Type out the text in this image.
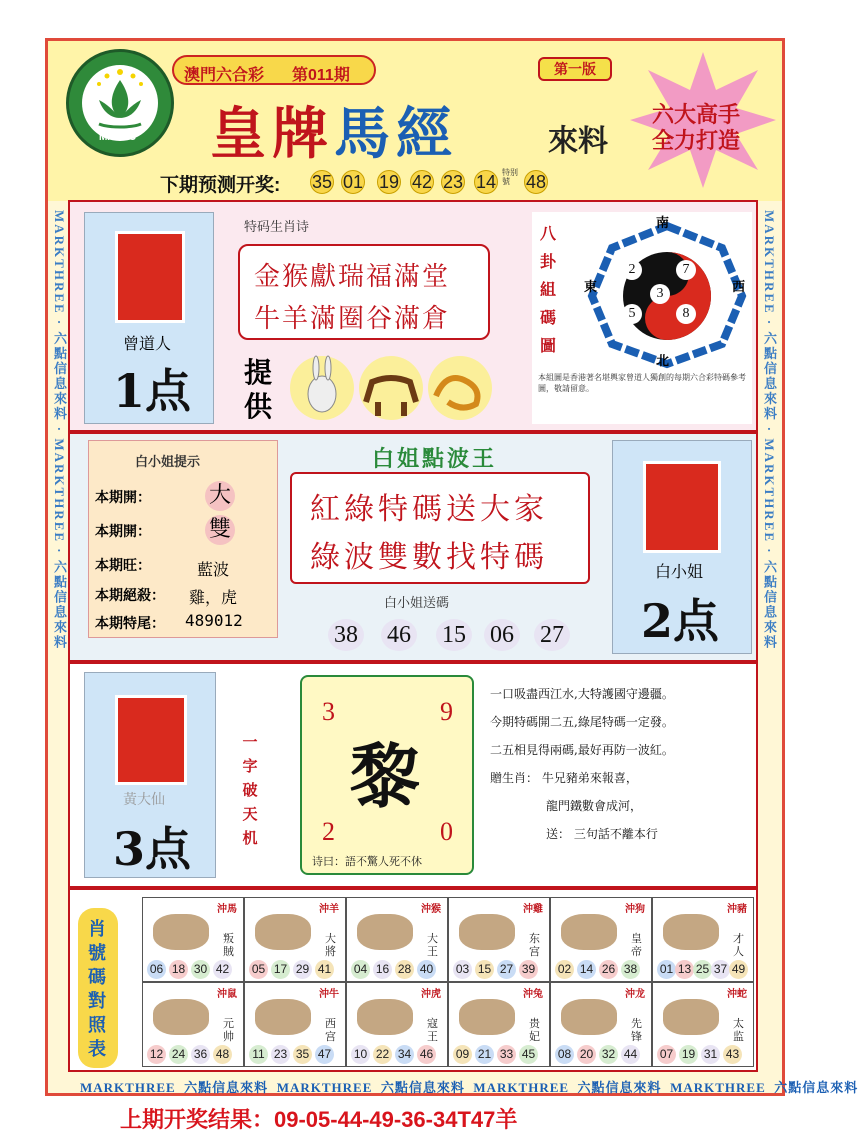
MACAU
澳門六合彩 第011期	第一版
皇牌馬經	來料
六大高手
全力打造
下期预测开奖: 35 01 19 42 23 14 特别號 48
MARKTHREE · 六點信息來料 · MARKTHREE · 六點信息來料
MARKTHREE · 六點信息來料 · MARKTHREE · 六點信息來料
曾道人
1点
特码生肖诗
金猴獻瑞福滿堂
牛羊滿圈谷滿倉
提供
八卦組碼圖
南
北
東	西
2	7
3
5	8
本組圖是香港著名堪輿家曾道人獨創的每期六合彩特碼參考圖，敬請留意。
白小姐提示
本期開：	大
本期開：	雙
本期旺：	藍波
本期絕殺： 雞，虎
本期特尾： 489012
白姐點波王
紅綠特碼送大家
綠波雙數找特碼
白小姐送碼
38 46 15 06 27
白小姐
2点
黃大仙
3点
一
字
破
天
机
3	9
2	0
黎
诗曰：語不驚人死不休
一口吸盡西江水,大特護國守邊疆。
今期特碼開二五,綠尾特碼一定發。
二五相見得兩碼,最好再防一波紅。
贈生肖： 牛兄豬弟來報喜，
龍門鐵數會成河，
送： 三句話不離本行
肖號碼對照表
沖馬
叛賊
06 18 30 42
沖羊
大將
05 17 29 41
沖猴
大王
04 16 28 40
沖雞
东宫
03 15 27 39
沖狗
皇帝
02 14 26 38
沖豬
才人
01 13 25 37 49
沖鼠
元帅
12 24 36 48
沖牛
西宫
11 23 35 47
沖虎
寇王
10 22 34 46
沖兔
贵妃
09 21 33 45
沖龙
先锋
08 20 32 44
沖蛇
太监
07 19 31 43
MARKTHREE 六點信息來料 MARKTHREE 六點信息來料 MARKTHREE 六點信息來料 MARKTHREE 六點信息來料
上期开奖结果：09-05-44-49-36-34T47羊
